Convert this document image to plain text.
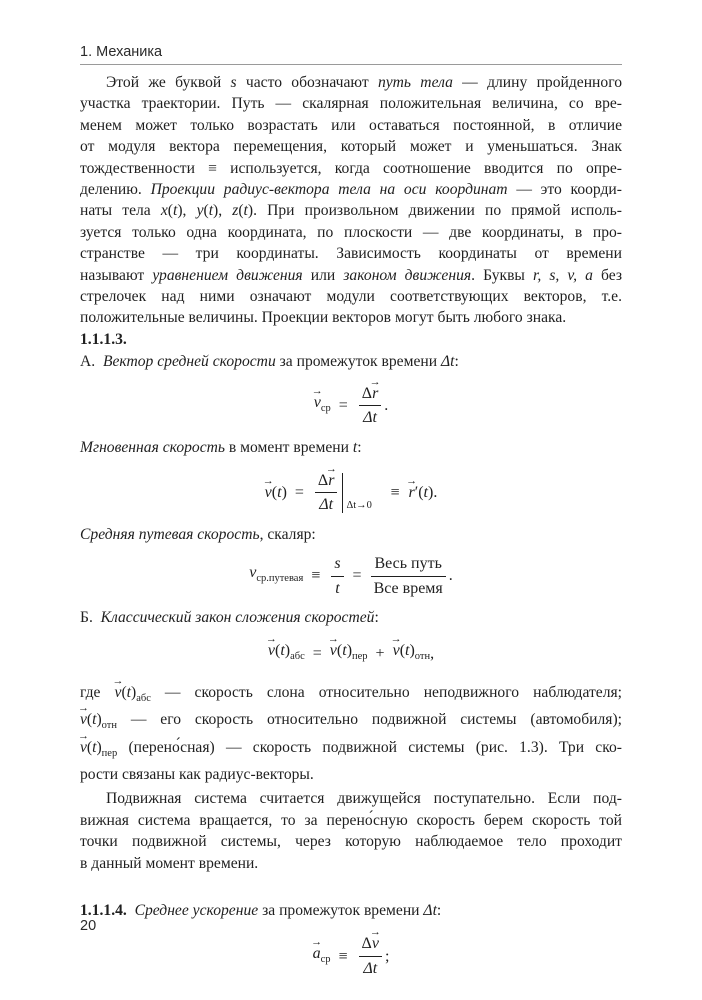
1. Механика

Этой же буквой s часто обозначают путь тела — длину пройденного
участка траектории. Путь — скалярная положительная величина, со вре-
менем может только возрастать или оставаться постоянной, в отличие
от модуля вектора перемещения, который может и уменьшаться. Знак
тождественности ≡ используется, когда соотношение вводится по опре-
делению. Проекции радиус-вектора тела на оси координат — это коорди-
наты тела x(t), y(t), z(t). При произвольном движении по прямой исполь-
зуется только одна координата, по плоскости — две координаты, в про-
странстве — три координаты. Зависимость координаты от времени
называют уравнением движения или законом движения. Буквы r, s, v, a без
стрелочек над ними означают модули соответствующих векторов, т.е.
положительные величины. Проекции векторов могут быть любого знака.

1.1.1.3.

А. Вектор средней скорости за промежуток времени Δt:

→ $v_{ср} = \frac{\Delta\to r}{\Delta t}$ .

Мгновенная скорость в момент времени t:

→ $v(t) = \frac{\Delta\to r}{\Delta t} \Delta t\to 0$
≡ → r′(t).

Средняя путевая скорость, скаляр:

$v_{ср.путевая} \equiv \frac{s}{t} = \frac{\text{Весь путь}}{\text{Все время}}$ .

Б. Классический закон сложения скоростей:

→ $v(t)_{абс}$ = → $v(t)_{пер}$ + → $v(t)_{отн}$,

где → $v(t)_{абс}$ — скорость слона относительно неподвижного наблюдателя;
→ $v(t)_{отн}$ — его скорость относительно подвижной системы (автомобиля);
→ $v(t)_{пер}$ (перено́сная) — скорость подвижной системы (рис. 1.3). Три ско-
рости связаны как радиус-векторы.

Подвижная система считается движущейся поступательно. Если под-
вижная система вращается, то за перено́сную скорость берем скорость той
точки подвижной системы, через которую наблюдаемое тело проходит
в данный момент времени.

1.1.1.4. Среднее ускорение за промежуток времени Δt:

→ $a_{ср} \equiv \frac{\Delta\to v}{\Delta t}$ ;
20
